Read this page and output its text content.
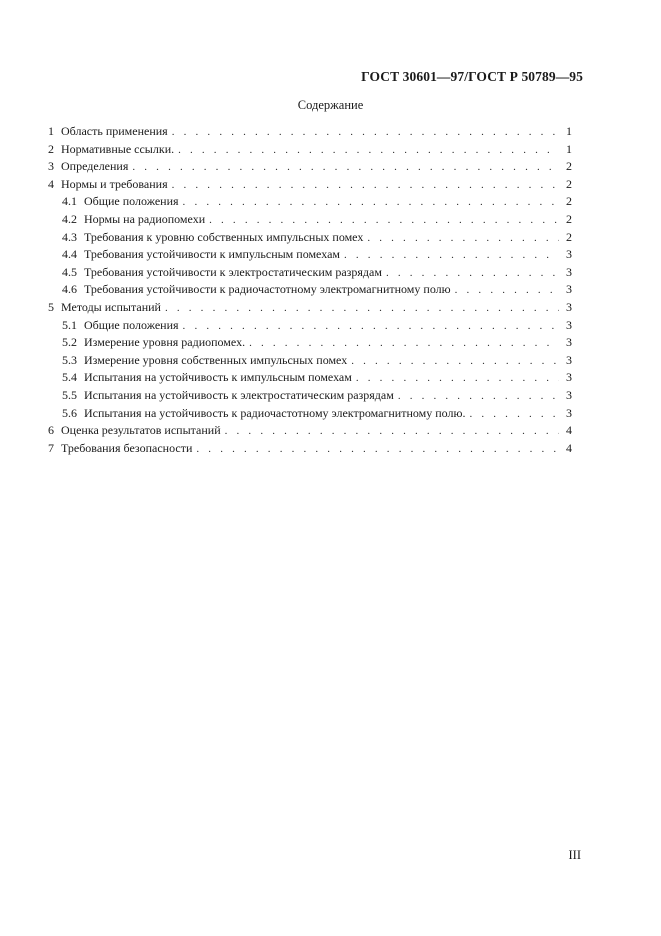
ГОСТ 30601—97/ГОСТ Р 50789—95
Содержание
1 Область применения . . .	1
2 Нормативные ссылки. . . .	1
3 Определения . . .	2
4 Нормы и требования . . .	2
4.1 Общие положения . . .	2
4.2 Нормы на радиопомехи . . .	2
4.3 Требования к уровню собственных импульсных помех . . .	2
4.4 Требования устойчивости к импульсным помехам . . .	3
4.5 Требования устойчивости к электростатическим разрядам . . .	3
4.6 Требования устойчивости к радиочастотному электромагнитному полю . . .	3
5 Методы испытаний . . .	3
5.1 Общие положения . . .	3
5.2 Измерение уровня радиопомех. . . .	3
5.3 Измерение уровня собственных импульсных помех . . .	3
5.4 Испытания на устойчивость к импульсным помехам . . .	3
5.5 Испытания на устойчивость к электростатическим разрядам . . .	3
5.6 Испытания на устойчивость к радиочастотному электромагнитному полю. . . .	3
6 Оценка результатов испытаний . . .	4
7 Требования безопасности . . .	4
III
